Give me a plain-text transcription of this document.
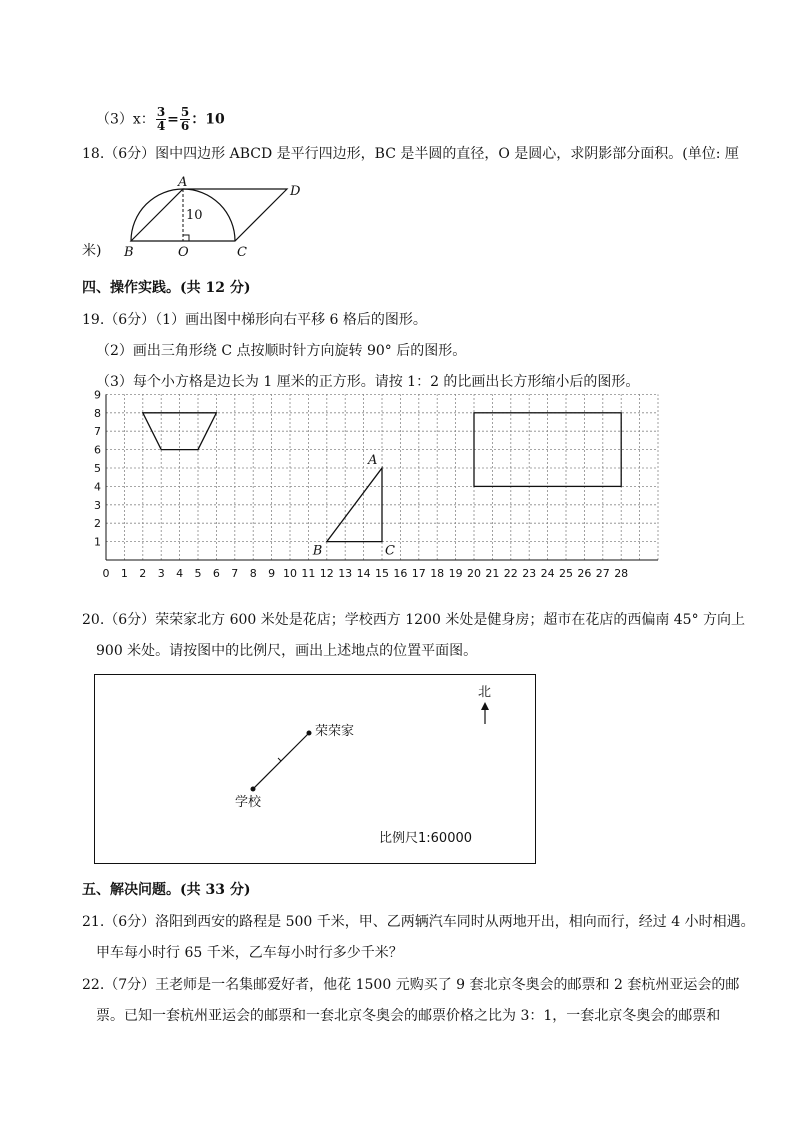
（3）x： $\frac{3}{4} = \frac{5}{6}$ ：10
18.（6分）图中四边形 ABCD 是平行四边形，BC 是半圆的直径，O 是圆心，求阴影部分面积。(单位: 厘
A
D
C
B	O
10
米)
四、操作实践。(共 12 分)
19.（6分）（1）画出图中梯形向右平移 6 格后的图形。
（2）画出三角形绕 C 点按顺时针方向旋转 90° 后的图形。
（3）每个小方格是边长为 1 厘米的正方形。请按 1：2 的比画出长方形缩小后的图形。
0 1 2 3 4 5 6 7 8 9 10 11 12 13 14 15 16 17 18 19 20 21 22 23 24 25 26 27 28
1
2
3
4
5
6
7
8
9
A
B	C
20.（6分）荣荣家北方 600 米处是花店；学校西方 1200 米处是健身房；超市在花店的西偏南 45° 方向上
900 米处。请按图中的比例尺，画出上述地点的位置平面图。
北
荣荣家
学校
比例尺1:60000
五、解决问题。(共 33 分)
21.（6分）洛阳到西安的路程是 500 千米，甲、乙两辆汽车同时从两地开出，相向而行，经过 4 小时相遇。
甲车每小时行 65 千米，乙车每小时行多少千米？
22.（7分）王老师是一名集邮爱好者，他花 1500 元购买了 9 套北京冬奥会的邮票和 2 套杭州亚运会的邮
票。已知一套杭州亚运会的邮票和一套北京冬奥会的邮票价格之比为 3：1，一套北京冬奥会的邮票和
